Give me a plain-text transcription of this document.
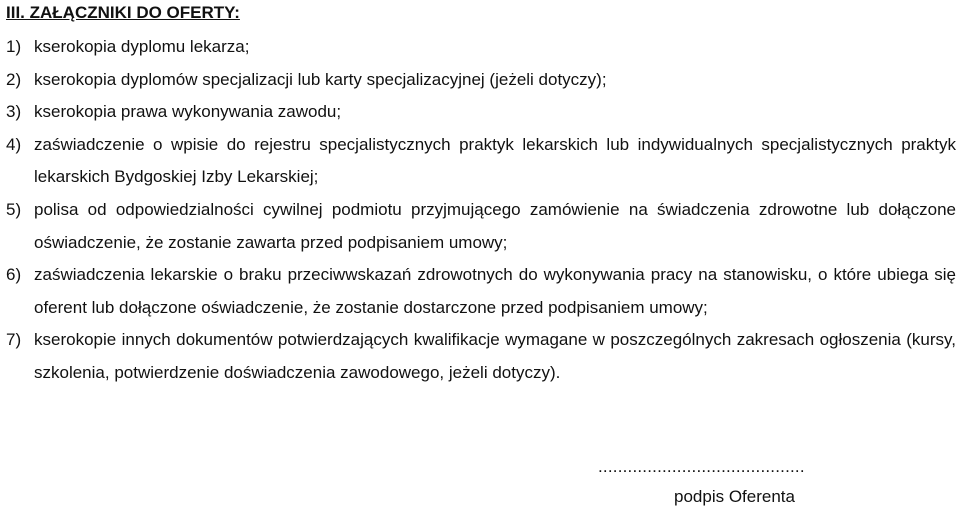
III. ZAŁĄCZNIKI DO OFERTY:
1) kserokopia dyplomu lekarza;
2) kserokopia dyplomów specjalizacji lub karty specjalizacyjnej (jeżeli dotyczy);
3) kserokopia prawa wykonywania zawodu;
4) zaświadczenie o wpisie do rejestru specjalistycznych praktyk lekarskich lub indywidualnych specjalistycznych praktyk lekarskich Bydgoskiej Izby Lekarskiej;
5) polisa od odpowiedzialności cywilnej podmiotu przyjmującego zamówienie na świadczenia zdrowotne lub dołączone oświadczenie, że zostanie zawarta przed podpisaniem umowy;
6) zaświadczenia lekarskie o braku przeciwwskazań zdrowotnych do wykonywania pracy na stanowisku, o które ubiega się oferent lub dołączone oświadczenie, że zostanie dostarczone przed podpisaniem umowy;
7) kserokopie innych dokumentów potwierdzających kwalifikacje wymagane w poszczególnych zakresach ogłoszenia (kursy, szkolenia, potwierdzenie doświadczenia zawodowego, jeżeli dotyczy).
..........................................
podpis Oferenta
